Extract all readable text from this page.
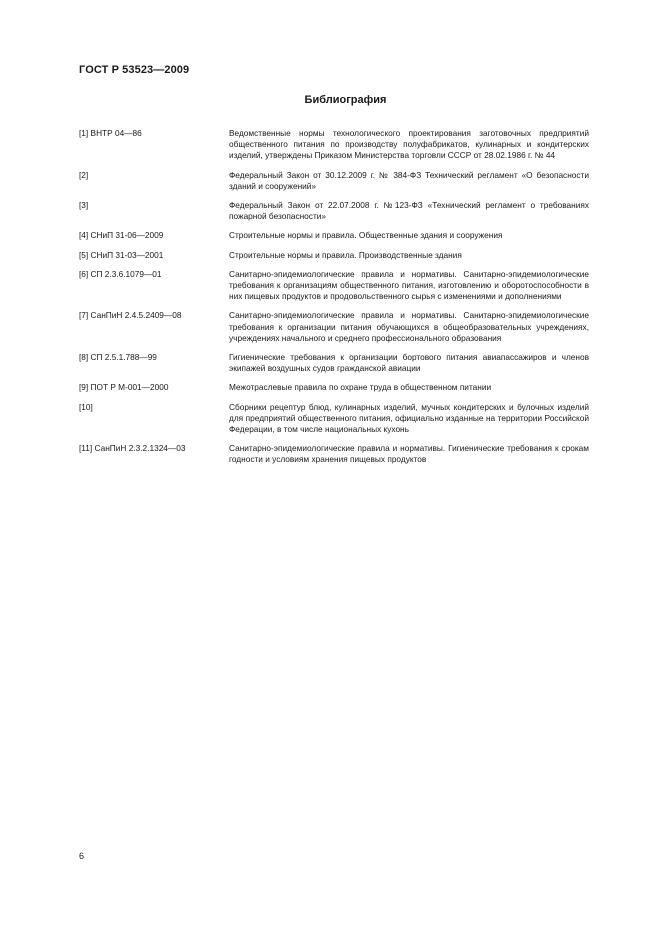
ГОСТ Р 53523—2009
Библиография
[1] ВНТР 04—86	Ведомственные нормы технологического проектирования заготовочных предприятий общественного питания по производству полуфабрикатов, кулинарных и кондитерских изделий, утверждены Приказом Министерства торговли СССР от 28.02.1986 г. № 44
[2]	Федеральный Закон от 30.12.2009 г. № 384-ФЗ Технический регламент «О безопасности зданий и сооружений»
[3]	Федеральный Закон от 22.07.2008 г. №123-ФЗ «Технический регламент о требованиях пожарной безопасности»
[4] СНиП 31-06—2009	Строительные нормы и правила. Общественные здания и сооружения
[5] СНиП 31-03—2001	Строительные нормы и правила. Производственные здания
[6] СП 2.3.6.1079—01	Санитарно-эпидемиологические правила и нормативы. Санитарно-эпидемиологические требования к организациям общественного питания, изготовлению и оборотоспособности в них пищевых продуктов и продовольственного сырья с изменениями и дополнениями
[7] СанПиН 2.4.5.2409—08	Санитарно-эпидемиологические правила и нормативы. Санитарно-эпидемиологические требования к организации питания обучающихся в общеобразовательных учреждениях, учреждениях начального и среднего профессионального образования
[8] СП 2.5.1.788—99	Гигиенические требования к организации бортового питания авиапассажиров и членов экипажей воздушных судов гражданской авиации
[9] ПОТ Р М-001—2000	Межотраслевые правила по охране труда в общественном питании
[10]	Сборники рецептур блюд, кулинарных изделий, мучных кондитерских и булочных изделий для предприятий общественного питания, официально изданные на территории Российской Федерации, в том числе национальных кухонь
[11] СанПиН 2.3.2.1324—03	Санитарно-эпидемиологические правила и нормативы. Гигиенические требования к срокам годности и условиям хранения пищевых продуктов
6
